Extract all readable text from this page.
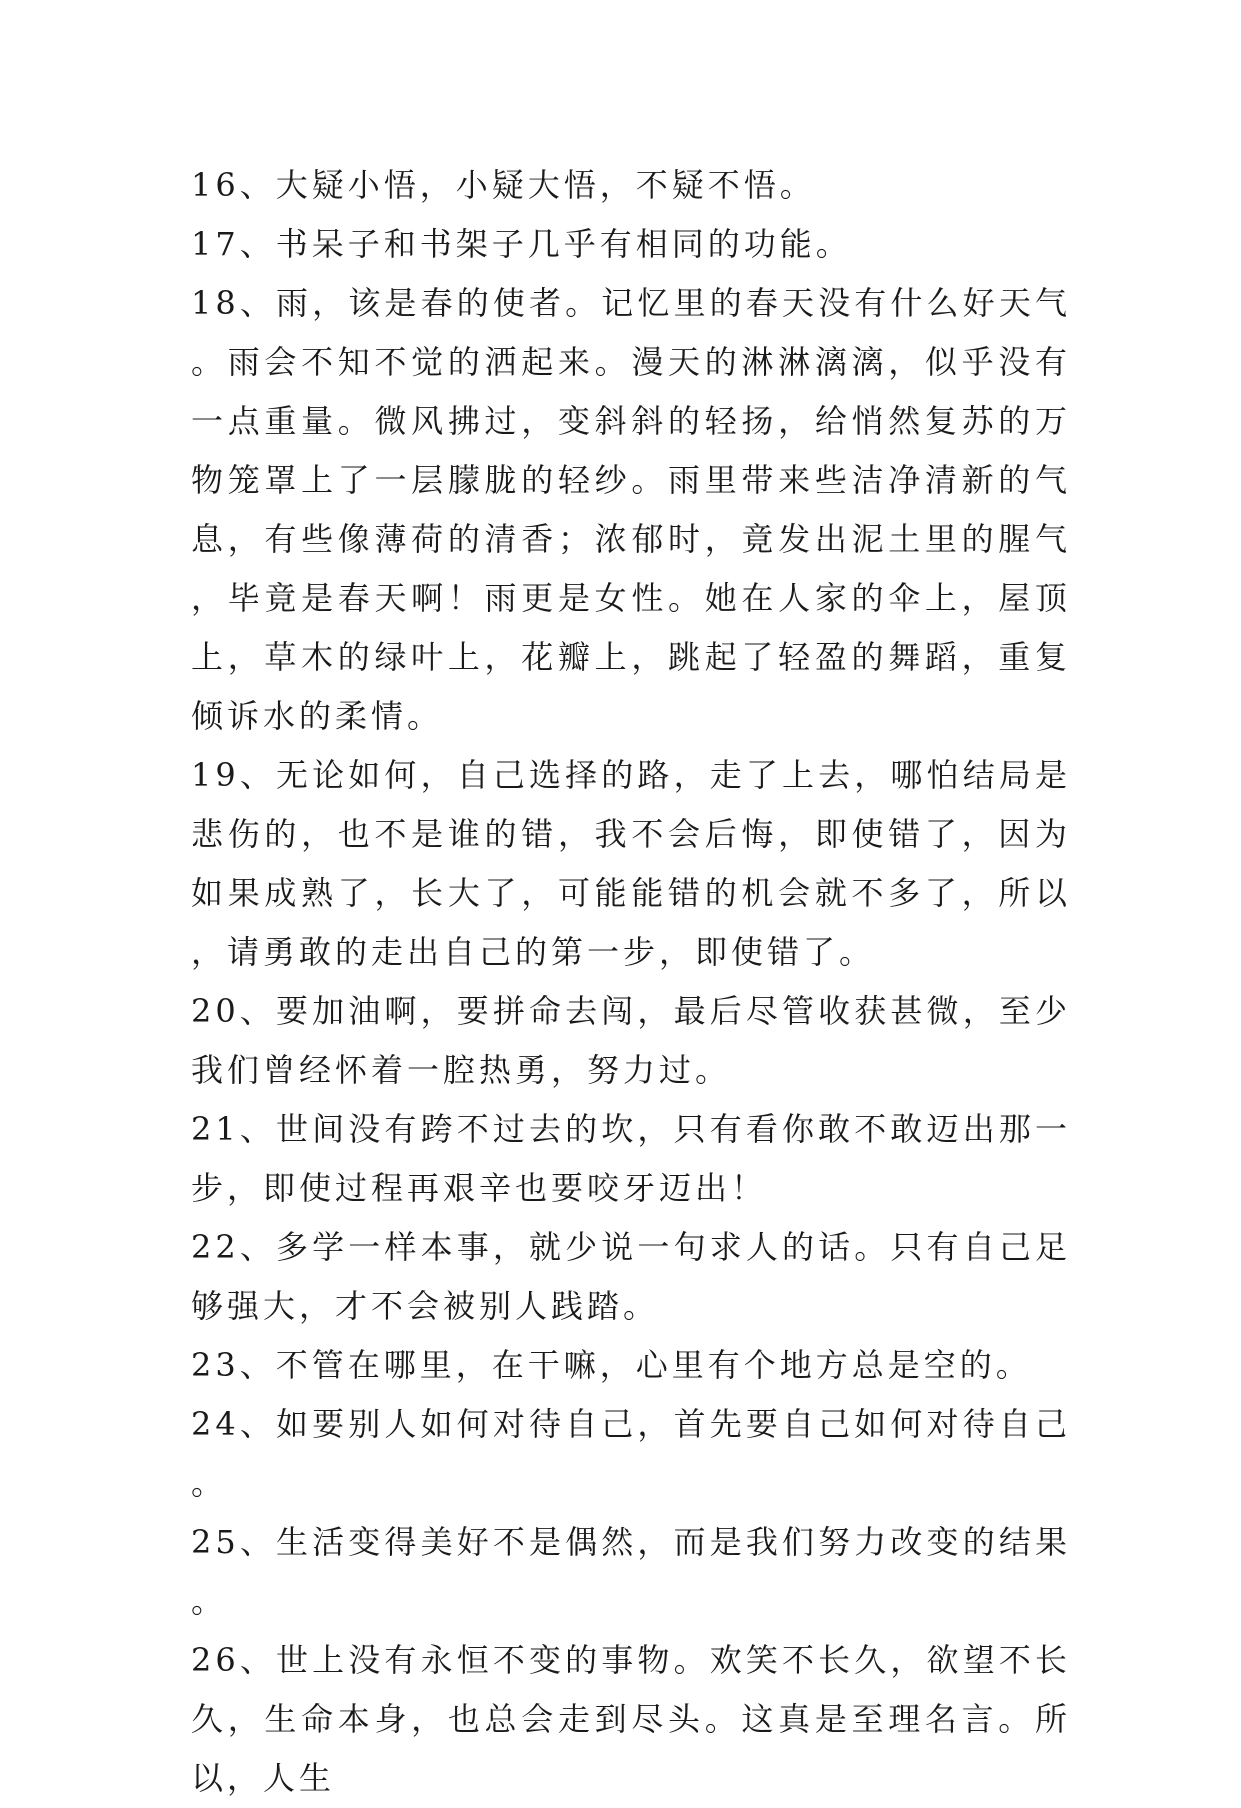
16、大疑小悟，小疑大悟，不疑不悟。

17、书呆子和书架子几乎有相同的功能。

18、雨，该是春的使者。记忆里的春天没有什么好天气。雨会不知不觉的洒起来。漫天的淋淋漓漓，似乎没有一点重量。微风拂过，变斜斜的轻扬，给悄然复苏的万物笼罩上了一层朦胧的轻纱。雨里带来些洁净清新的气息，有些像薄荷的清香；浓郁时，竟发出泥土里的腥气，毕竟是春天啊！雨更是女性。她在人家的伞上，屋顶上，草木的绿叶上，花瓣上，跳起了轻盈的舞蹈，重复倾诉水的柔情。

19、无论如何，自己选择的路，走了上去，哪怕结局是悲伤的，也不是谁的错，我不会后悔，即使错了，因为如果成熟了，长大了，可能能错的机会就不多了，所以，请勇敢的走出自己的第一步，即使错了。

20、要加油啊，要拼命去闯，最后尽管收获甚微，至少我们曾经怀着一腔热勇，努力过。

21、世间没有跨不过去的坎，只有看你敢不敢迈出那一步，即使过程再艰辛也要咬牙迈出！

22、多学一样本事，就少说一句求人的话。只有自己足够强大，才不会被别人践踏。

23、不管在哪里，在干嘛，心里有个地方总是空的。

24、如要别人如何对待自己，首先要自己如何对待自己。

25、生活变得美好不是偶然，而是我们努力改变的结果。

26、世上没有永恒不变的事物。欢笑不长久，欲望不长久，生命本身，也总会走到尽头。这真是至理名言。所以，人生
